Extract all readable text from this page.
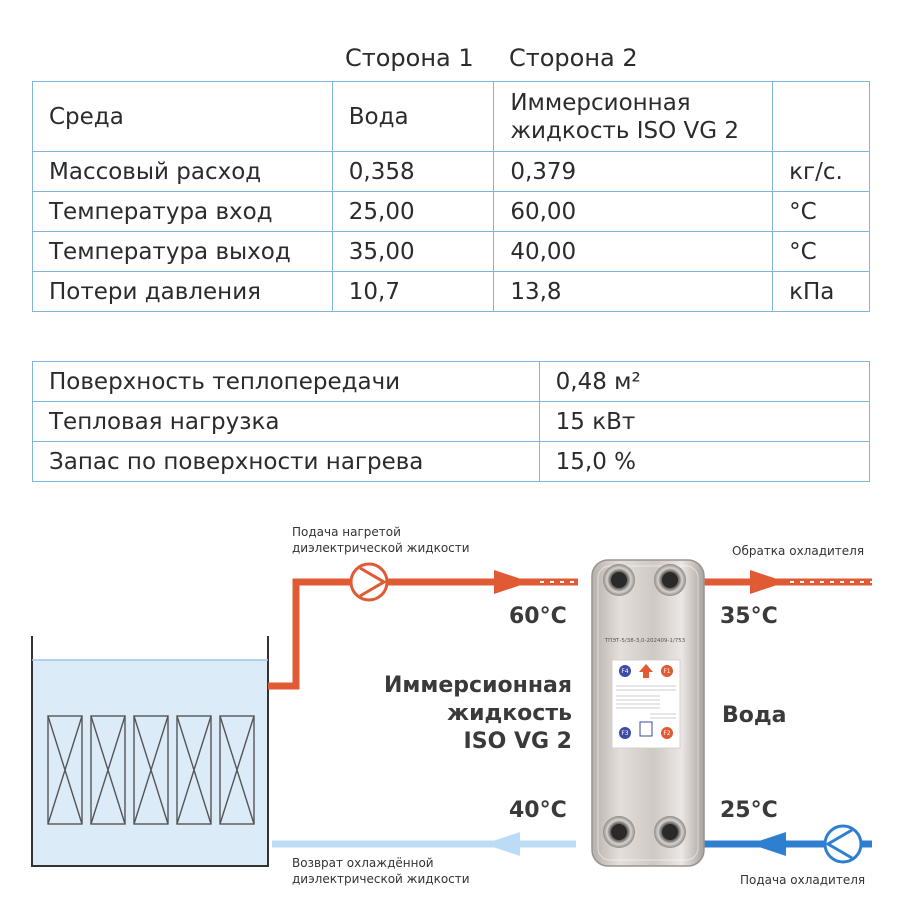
Сторона 1 Сторона 2
Среда	Вода	Иммерсионная
жидкость ISO VG 2	
Массовый расход	0,358	0,379	кг/с.
Температура вход	25,00	60,00	°C
Температура выход	35,00	40,00	°C
Потери давления	10,7	13,8	кПа
Поверхность теплопередачи	0,48 м²
Тепловая нагрузка	15 кВт
Запас по поверхности нагрева	15,0 %
ТПЭТ-5/38-3,0-202409-1/753
F4	F1
F3	F2
Подача нагретой
диэлектрической жидкости	Обратка охладителя
Возврат охлаждённой
диэлектрической жидкости	Подача охладителя
60°C	35°C
40°C	25°C
Иммерсионная
жидкость
ISO VG 2
Вода
